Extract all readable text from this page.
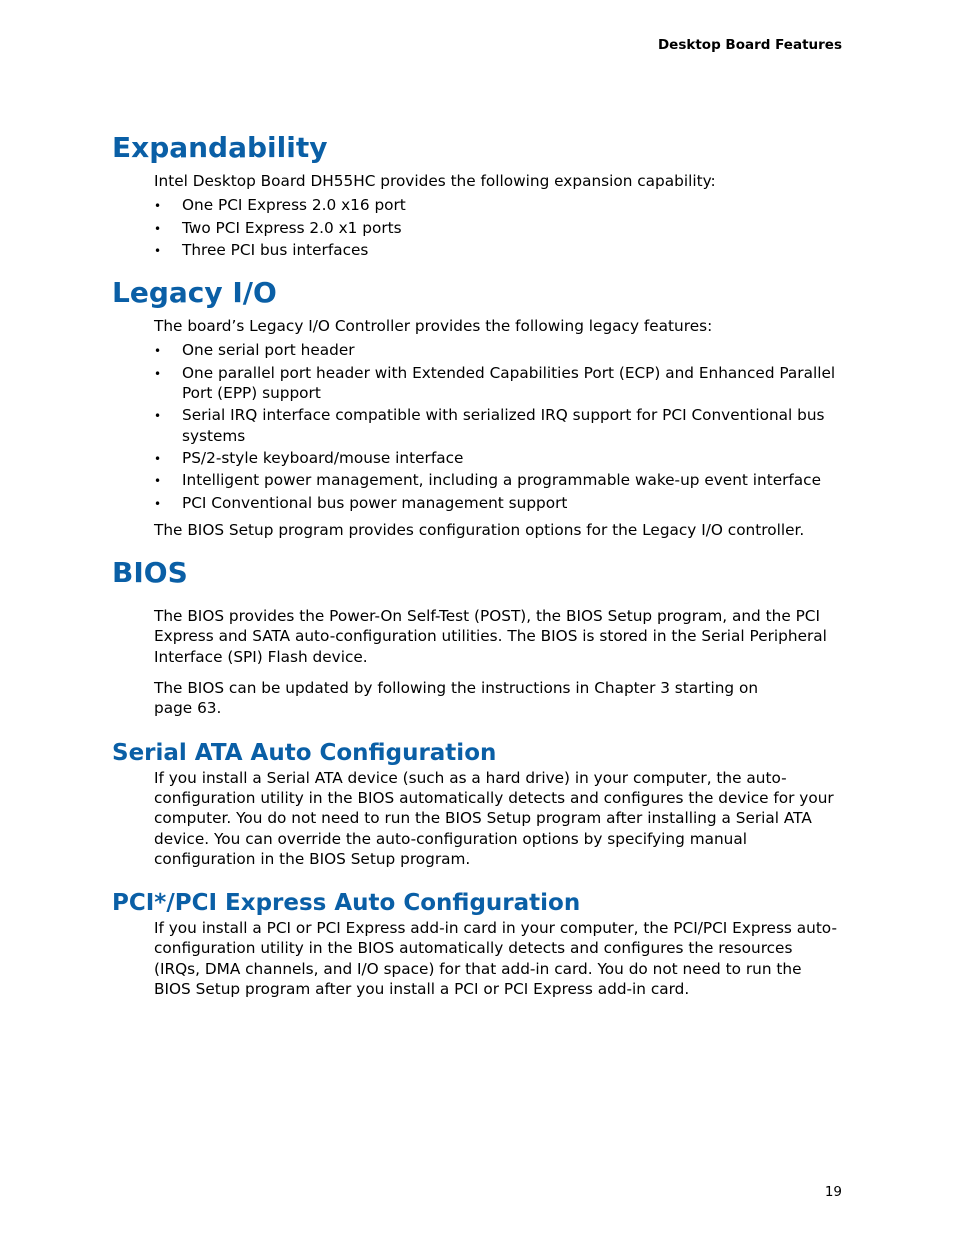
Desktop Board Features
Expandability

Intel Desktop Board DH55HC provides the following expansion capability:

•
One PCI Express 2.0 x16 port
•
Two PCI Express 2.0 x1 ports
•
Three PCI bus interfaces
Legacy I/O

The board’s Legacy I/O Controller provides the following legacy features:

•
One serial port header
•
One parallel port header with Extended Capabilities Port (ECP) and Enhanced Parallel Port (EPP) support
•
Serial IRQ interface compatible with serialized IRQ support for PCI Conventional bus systems
•
PS/2-style keyboard/mouse interface
•
Intelligent power management, including a programmable wake-up event interface
•
PCI Conventional bus power management support

The BIOS Setup program provides configuration options for the Legacy I/O controller.

BIOS

The BIOS provides the Power-On Self-Test (POST), the BIOS Setup program, and the PCI Express and SATA auto-configuration utilities. The BIOS is stored in the Serial Peripheral Interface (SPI) Flash device.

The BIOS can be updated by following the instructions in Chapter 3 starting on page 63.

Serial ATA Auto Configuration

If you install a Serial ATA device (such as a hard drive) in your computer, the auto-configuration utility in the BIOS automatically detects and configures the device for your computer. You do not need to run the BIOS Setup program after installing a Serial ATA device. You can override the auto-configuration options by specifying manual configuration in the BIOS Setup program.

PCI*/PCI Express Auto Configuration

If you install a PCI or PCI Express add-in card in your computer, the PCI/PCI Express auto-configuration utility in the BIOS automatically detects and configures the resources (IRQs, DMA channels, and I/O space) for that add-in card. You do not need to run the BIOS Setup program after you install a PCI or PCI Express add-in card.

19
